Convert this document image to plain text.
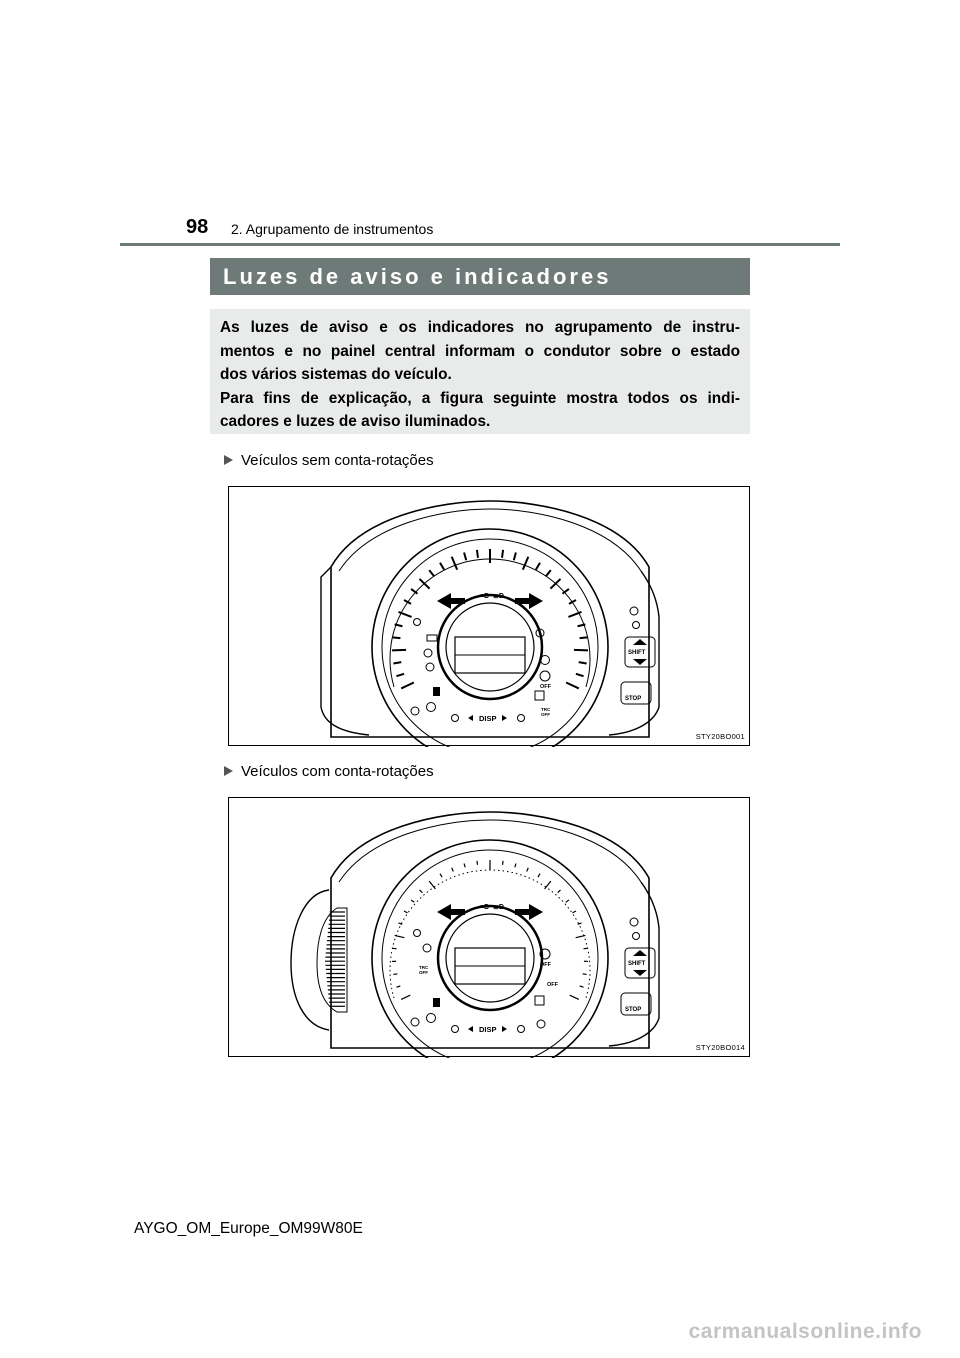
98 2. Agrupamento de instrumentos
Luzes de aviso e indicadores
As luzes de aviso e os indicadores no agrupamento de instru-
mentos e no painel central informam o condutor sobre o estado
dos vários sistemas do veículo.
Para fins de explicação, a figura seguinte mostra todos os indi-
cadores e luzes de aviso iluminados.
Veículos sem conta-rotações
≡D ≣D
OFF
TRC
OFF
DISP
SHIFT
STOP
STY20BO001
Veículos com conta-rotações
≡D ≣D
TRC
OFF
OFF
OFF
DISP
SHIFT
STOP
STY20BO014
AYGO_OM_Europe_OM99W80E
carmanualsonline.info
